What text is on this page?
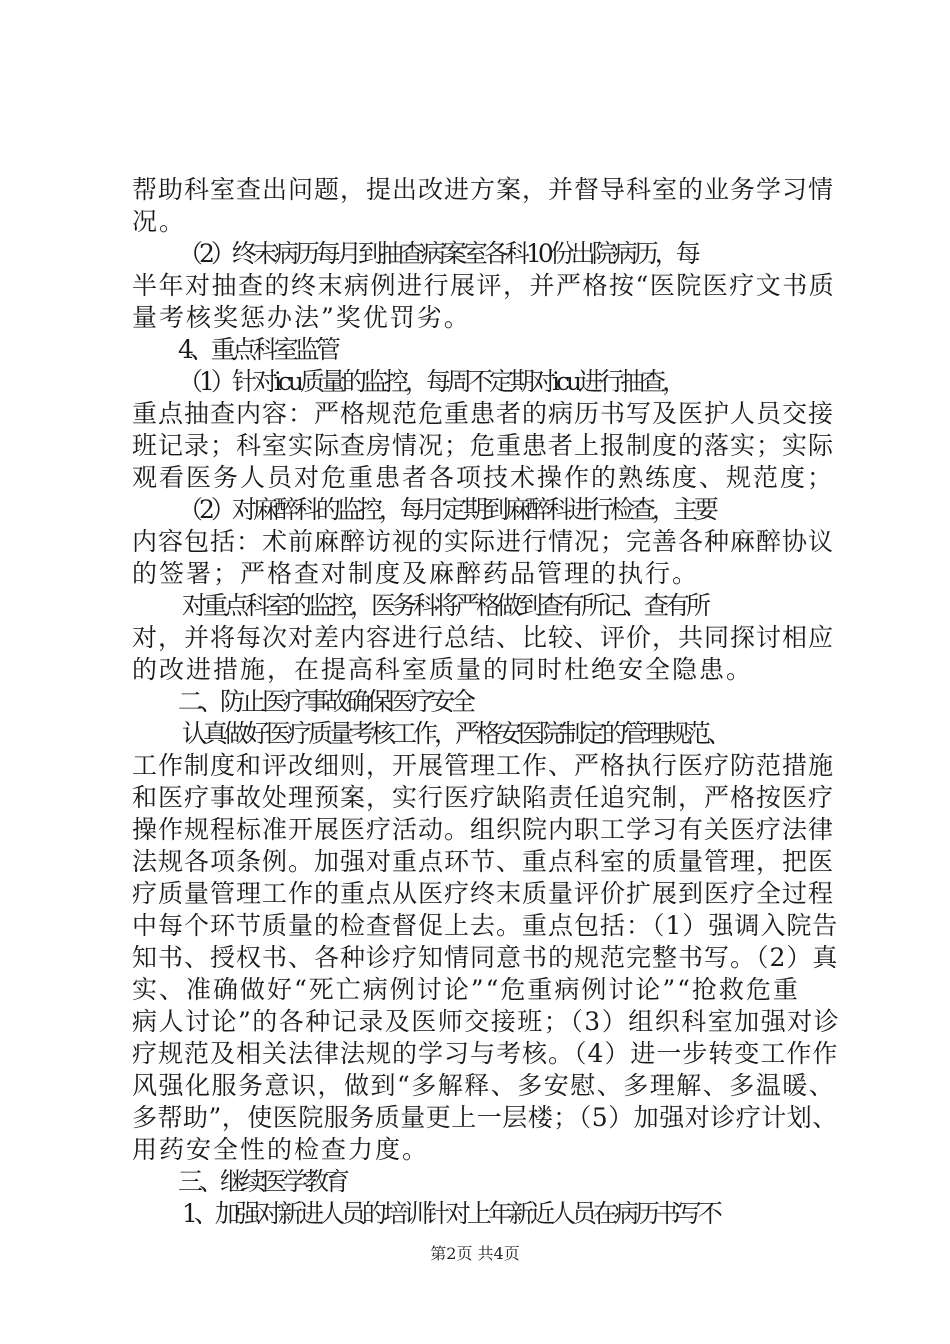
帮助科室查出问题，提出改进方案，并督导科室的业务学习情
况。
（2）终末病历每月到抽查病案室各科10份出院病历，每
半年对抽查的终末病例进行展评，并严格按“医院医疗文书质
量考核奖惩办法”奖优罚劣。
4、重点科室监管
（1）针对icu质量的监控，每周不定期对icu进行抽查，
重点抽查内容：严格规范危重患者的病历书写及医护人员交接
班记录；科室实际查房情况；危重患者上报制度的落实；实际
观看医务人员对危重患者各项技术操作的熟练度、规范度；
（2）对麻醉科的监控，每月定期到麻醉科进行检查，主要
内容包括：术前麻醉访视的实际进行情况；完善各种麻醉协议
的签署；严格查对制度及麻醉药品管理的执行。
对重点科室的监控，医务科将严格做到查有所记、查有所
对，并将每次对差内容进行总结、比较、评价，共同探讨相应
的改进措施，在提高科室质量的同时杜绝安全隐患。
二、防止医疗事故确保医疗安全
认真做好医疗质量考核工作，严格安医院制定的管理规范、
工作制度和评改细则，开展管理工作、严格执行医疗防范措施
和医疗事故处理预案，实行医疗缺陷责任追究制，严格按医疗
操作规程标准开展医疗活动。组织院内职工学习有关医疗法律
法规各项条例。加强对重点环节、重点科室的质量管理，把医
疗质量管理工作的重点从医疗终末质量评价扩展到医疗全过程
中每个环节质量的检查督促上去。重点包括：（1）强调入院告
知书、授权书、各种诊疗知情同意书的规范完整书写。（2）真
实、准确做好“死亡病例讨论”“危重病例讨论”“抢救危重
病人讨论”的各种记录及医师交接班；（3）组织科室加强对诊
疗规范及相关法律法规的学习与考核。（4）进一步转变工作作
风强化服务意识，做到“多解释、多安慰、多理解、多温暖、
多帮助”，使医院服务质量更上一层楼；（5）加强对诊疗计划、
用药安全性的检查力度。
三、继续医学教育
1、加强对新进人员的培训针对上年新近人员在病历书写不
第2页 共4页
